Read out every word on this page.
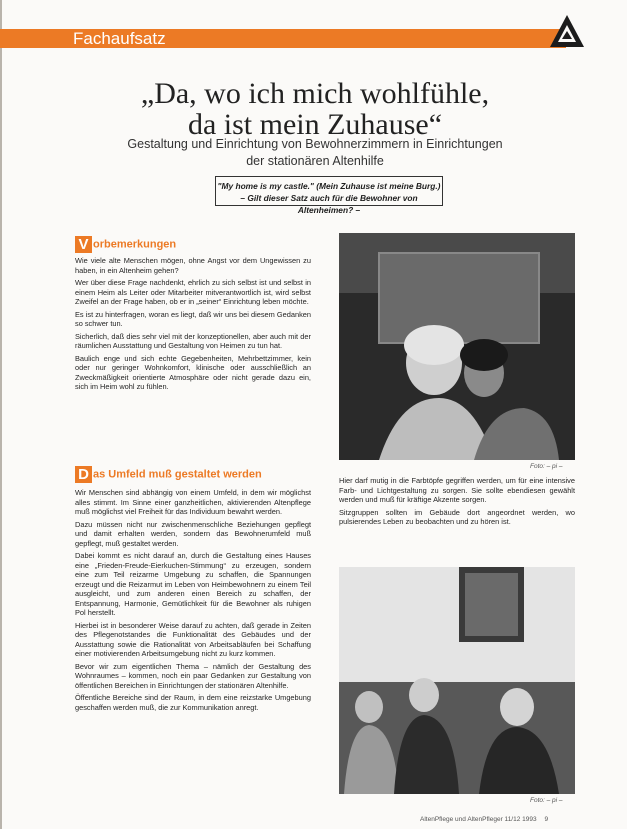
Fachaufsatz
„Da, wo ich mich wohlfühle,
da ist mein Zuhause“
Gestaltung und Einrichtung von Bewohnerzimmern in Einrichtungen
der stationären Altenhilfe
"My home is my castle." (Mein Zuhause ist meine Burg.)
– Gilt dieser Satz auch für die Bewohner von Altenheimen? –
V orbemerkungen

Wie viele alte Menschen mögen, ohne Angst vor dem Ungewissen zu haben, in ein Altenheim gehen?

Wer über diese Frage nachdenkt, ehrlich zu sich selbst ist und selbst in einem Heim als Leiter oder Mitarbeiter mitverantwortlich ist, wird selbst Zweifel an der Frage haben, ob er in „seiner“ Einrichtung leben möchte.

Es ist zu hinterfragen, woran es liegt, daß wir uns bei diesem Gedanken so schwer tun.

Sicherlich, daß dies sehr viel mit der konzeptionellen, aber auch mit der räumlichen Ausstattung und Gestaltung von Heimen zu tun hat.

Baulich enge und sich echte Gegebenheiten, Mehrbettzimmer, kein oder nur geringer Wohnkomfort, klinische oder ausschließlich an Zweckmäßigkeit orientierte Atmosphäre oder nicht gerade dazu ein, sich im Heim wohl zu fühlen.

D as Umfeld muß gestaltet werden

Wir Menschen sind abhängig von einem Umfeld, in dem wir möglichst alles stimmt. Im Sinne einer ganzheitlichen, aktivierenden Altenpflege muß möglichst viel Freiheit für das Individuum bewahrt werden.

Dazu müssen nicht nur zwischenmenschliche Beziehungen gepflegt und damit erhalten werden, sondern das Bewohnerumfeld muß gepflegt, muß gestaltet werden.

Dabei kommt es nicht darauf an, durch die Gestaltung eines Hauses eine „Frieden-Freude-Eierkuchen-Stimmung“ zu erzeugen, sondern eine zum Teil reizarme Umgebung zu schaffen, die Spannungen erzeugt und die Reizarmut im Leben von Heimbewohnern zu einem Teil ausgleicht, und zum anderen einen Bereich zu schaffen, der Entspannung, Harmonie, Gemütlichkeit für die Bewohner als ruhigen Pol herstellt.

Hierbei ist in besonderer Weise darauf zu achten, daß gerade in Zeiten des Pflegenotstandes die Funktionalität des Gebäudes und der Ausstattung sowie die Rationalität von Arbeitsabläufen bei Schaffung einer motivierenden Arbeitsumgebung nicht zu kurz kommen.

Bevor wir zum eigentlichen Thema – nämlich der Gestaltung des Wohnraumes – kommen, noch ein paar Gedanken zur Gestaltung von öffentlichen Bereichen in Einrichtungen der stationären Altenhilfe.

Öffentliche Bereiche sind der Raum, in dem eine reizstarke Umgebung geschaffen werden muß, die zur Kommunikation anregt.

Foto: – pi –

Hier darf mutig in die Farbtöpfe gegriffen werden, um für eine intensive Farb- und Lichtgestaltung zu sorgen. Sie sollte ebendiesen gewählt werden und muß für kräftige Akzente sorgen.

Sitzgruppen sollten im Gebäude dort angeordnet werden, wo pulsierendes Leben zu beobachten und zu hören ist.

Foto: – pi –
AltenPflege und AltenPfleger 11/12 1993 9
